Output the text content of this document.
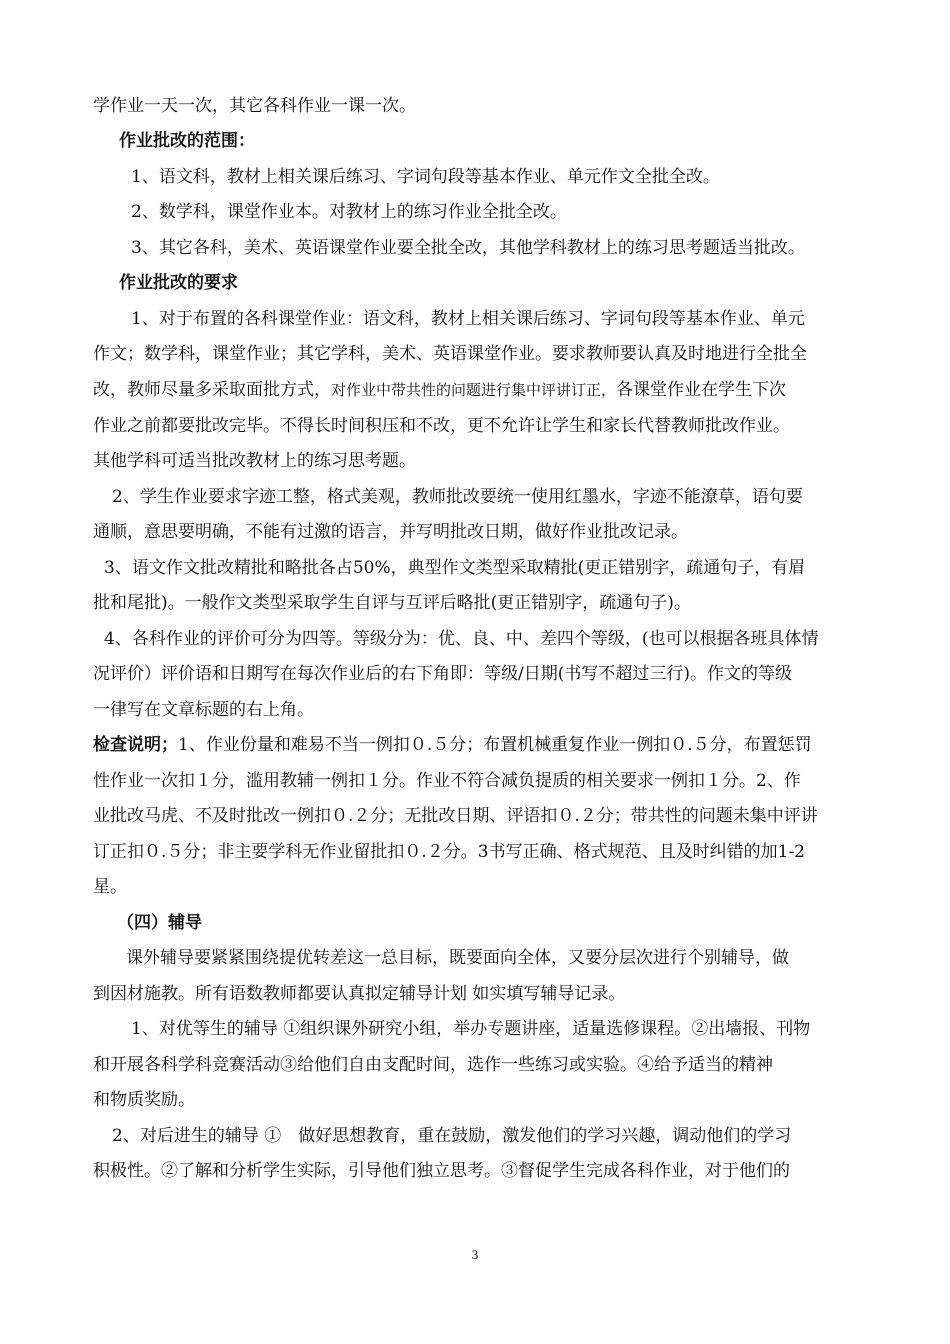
学作业一天一次，其它各科作业一课一次。
作业批改的范围：
1、语文科，教材上相关课后练习、字词句段等基本作业、单元作文全批全改。
2、数学科，课堂作业本。对教材上的练习作业全批全改。
3、其它各科，美术、英语课堂作业要全批全改，其他学科教材上的练习思考题适当批改。
作业批改的要求
1、对于布置的各科课堂作业：语文科，教材上相关课后练习、字词句段等基本作业、单元
作文；数学科，课堂作业；其它学科，美术、英语课堂作业。要求教师要认真及时地进行全批全
改，教师尽量多采取面批方式，对作业中带共性的问题进行集中评讲订正，各课堂作业在学生下次
作业之前都要批改完毕。不得长时间积压和不改，更不允许让学生和家长代替教师批改作业。
其他学科可适当批改教材上的练习思考题。
2、学生作业要求字迹工整，格式美观，教师批改要统一使用红墨水，字迹不能潦草，语句要
通顺，意思要明确，不能有过激的语言，并写明批改日期，做好作业批改记录。
3、语文作文批改精批和略批各占50%，典型作文类型采取精批(更正错别字，疏通句子，有眉
批和尾批)。一般作文类型采取学生自评与互评后略批(更正错别字，疏通句子)。
4、各科作业的评价可分为四等。等级分为：优、良、中、差四个等级，(也可以根据各班具体情
况评价）评价语和日期写在每次作业后的右下角即：等级/日期(书写不超过三行)。作文的等级
一律写在文章标题的右上角。
检查说明；1、作业份量和难易不当一例扣０.５分；布置机械重复作业一例扣０.５分，布置惩罚
性作业一次扣１分，滥用教辅一例扣１分。作业不符合减负提质的相关要求一例扣１分。2、作
业批改马虎、不及时批改一例扣０.２分；无批改日期、评语扣０.２分；带共性的问题未集中评讲
订正扣０.５分；非主要学科无作业留批扣０.２分。3书写正确、格式规范、且及时纠错的加1-2
星。
（四）辅导
课外辅导要紧紧围绕提优转差这一总目标，既要面向全体，又要分层次进行个别辅导，做
到因材施教。所有语数教师都要认真拟定辅导计划 如实填写辅导记录。
1、对优等生的辅导 ①组织课外研究小组，举办专题讲座，适量选修课程。②出墙报、刊物
和开展各科学科竞赛活动③给他们自由支配时间，选作一些练习或实验。④给予适当的精神
和物质奖励。
2、对后进生的辅导 ①　做好思想教育，重在鼓励，激发他们的学习兴趣，调动他们的学习
积极性。②了解和分析学生实际，引导他们独立思考。③督促学生完成各科作业，对于他们的
3
